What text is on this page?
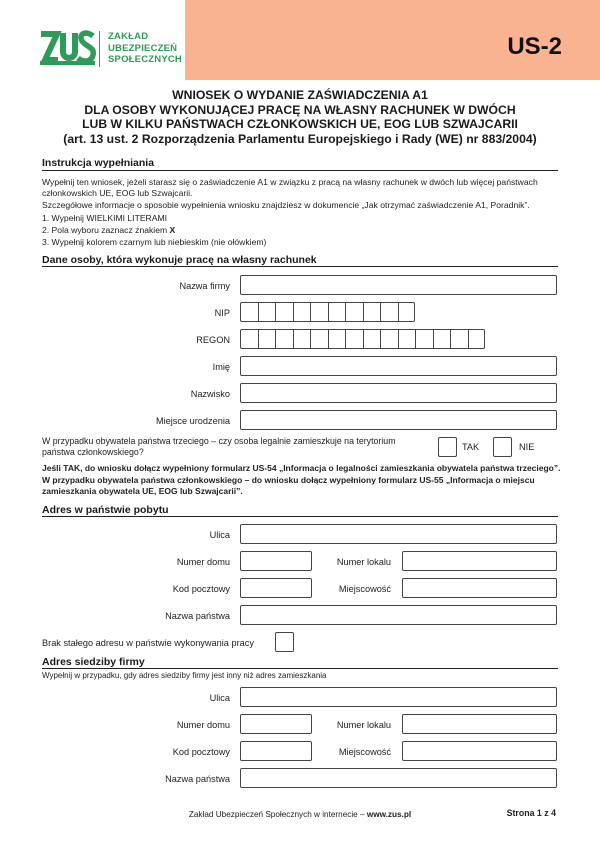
ZAKŁAD
UBEZPIECZEŃ
SPOŁECZNYCH	US-2
WNIOSEK O WYDANIE ZAŚWIADCZENIA A1
DLA OSOBY WYKONUJĄCEJ PRACĘ NA WŁASNY RACHUNEK W DWÓCH
LUB W KILKU PAŃSTWACH CZŁONKOWSKICH UE, EOG LUB SZWAJCARII
(art. 13 ust. 2 Rozporządzenia Parlamentu Europejskiego i Rady (WE) nr 883/2004)
Instrukcja wypełniania
Wypełnij ten wniosek, jeżeli starasz się o zaświadczenie A1 w związku z pracą na własny rachunek w dwóch lub więcej państwach członkowskich UE, EOG lub Szwajcarii.
Szczegółowe informacje o sposobie wypełnienia wniosku znajdziesz w dokumencie „Jak otrzymać zaświadczenie A1, Poradnik”.
1. Wypełnij WIELKIMI LITERAMI
2. Pola wyboru zaznacz znakiem X
3. Wypełnij kolorem czarnym lub niebieskim (nie ołówkiem)
Dane osoby, która wykonuje pracę na własny rachunek
Nazwa firmy
NIP
REGON
Imię
Nazwisko
Miejsce urodzenia
W przypadku obywatela państwa trzeciego – czy osoba legalnie zamieszkuje na terytorium państwa członkowskiego?	TAK	NIE
Jeśli TAK, do wniosku dołącz wypełniony formularz US-54 „Informacja o legalności zamieszkania obywatela państwa trzeciego”.
W przypadku obywatela państwa członkowskiego – do wniosku dołącz wypełniony formularz US-55 „Informacja o miejscu zamieszkania obywatela UE, EOG lub Szwajcarii”.
Adres w państwie pobytu
Ulica
Numer domu	Numer lokalu
Kod pocztowy	Miejscowość
Nazwa państwa
Brak stałego adresu w państwie wykonywania pracy
Adres siedziby firmy
Wypełnij w przypadku, gdy adres siedziby firmy jest inny niż adres zamieszkania
Ulica
Numer domu	Numer lokalu
Kod pocztowy	Miejscowość
Nazwa państwa
Zakład Ubezpieczeń Społecznych w internecie – www.zus.pl	Strona 1 z 4
